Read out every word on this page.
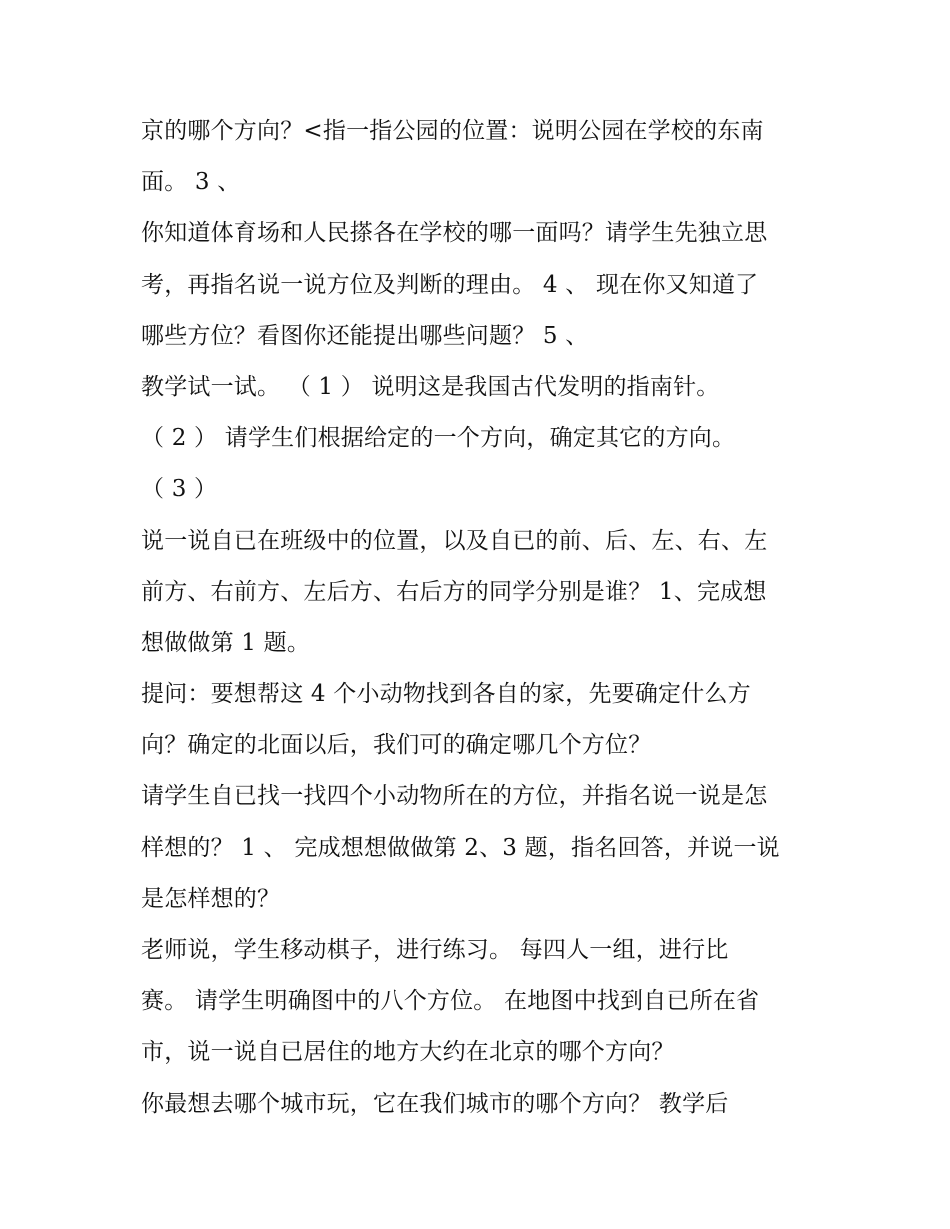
京的哪个方向？<指一指公园的位置：说明公园在学校的东南
面。 3 、
你知道体育场和人民搽各在学校的哪一面吗？请学生先独立思
考，再指名说一说方位及判断的理由。 4 、 现在你又知道了
哪些方位？看图你还能提出哪些问题？ 5 、
教学试一试。 （ 1 ） 说明这是我国古代发明的指南针。
（ 2 ） 请学生们根据给定的一个方向，确定其它的方向。
（ 3 ）
说一说自已在班级中的位置，以及自已的前、后、左、右、左
前方、右前方、左后方、右后方的同学分别是谁？ 1、完成想
想做做第 1 题。
提问：要想帮这 4 个小动物找到各自的家，先要确定什么方
向？确定的北面以后，我们可的确定哪几个方位？
请学生自已找一找四个小动物所在的方位，并指名说一说是怎
样想的？ 1 、 完成想想做做第 2、3 题，指名回答，并说一说
是怎样想的？
老师说，学生移动棋子，进行练习。 每四人一组，进行比
赛。 请学生明确图中的八个方位。 在地图中找到自已所在省
市，说一说自已居住的地方大约在北京的哪个方向？
你最想去哪个城市玩，它在我们城市的哪个方向？ 教学后
